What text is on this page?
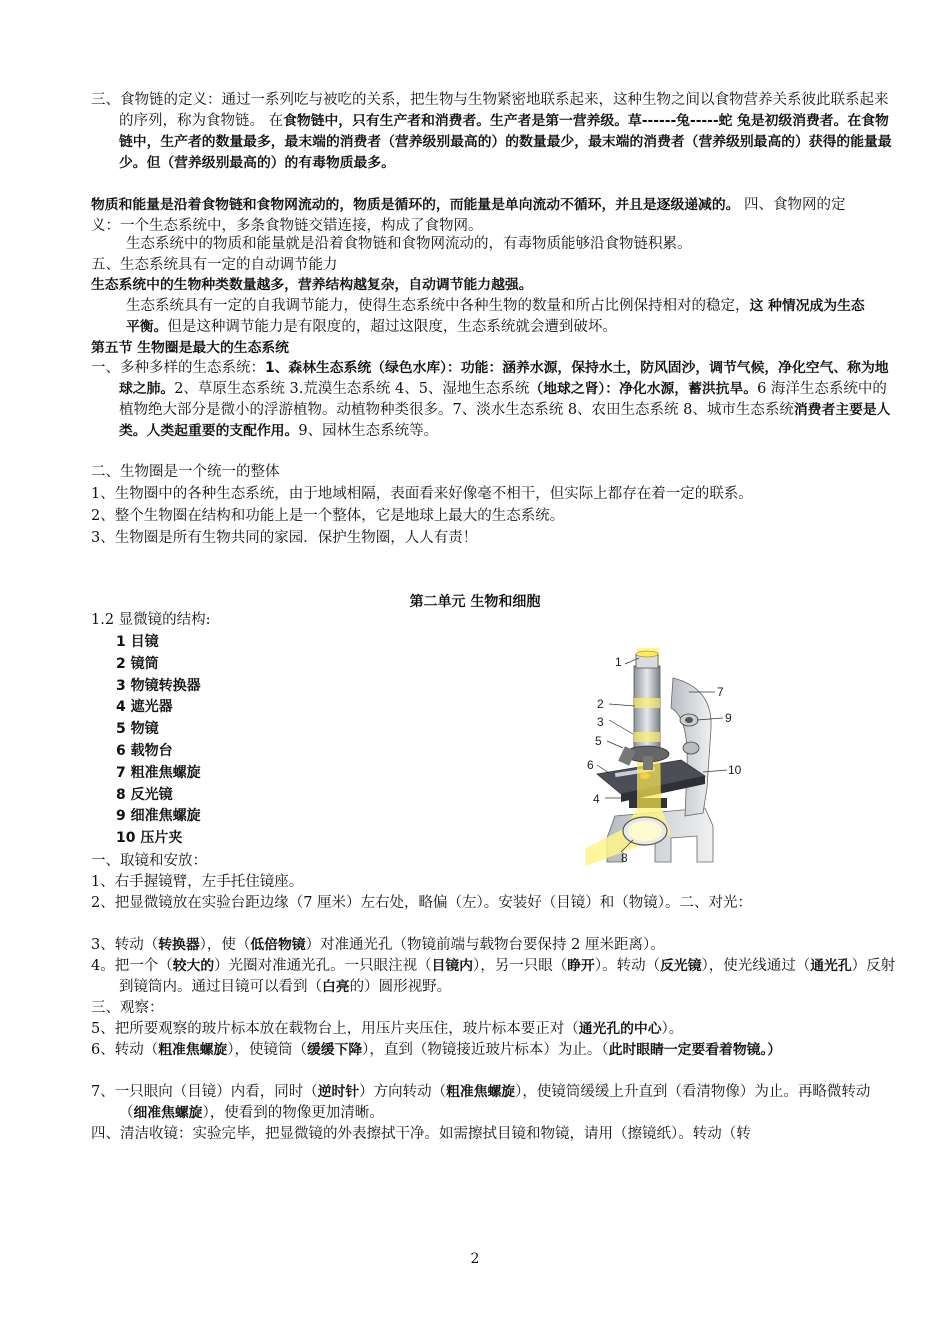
三、食物链的定义：通过一系列吃与被吃的关系，把生物与生物紧密地联系起来，这种生物之间以食物营养关系彼此联系起来的序列，称为食物链。 在食物链中，只有生产者和消费者。生产者是第一营养级。草------兔-----蛇 兔是初级消费者。在食物链中，生产者的数量最多，最末端的消费者（营养级别最高的）的数量最少，最末端的消费者（营养级别最高的）获得的能量最少。但（营养级别最高的）的有毒物质最多。
物质和能量是沿着食物链和食物网流动的，物质是循环的，而能量是单向流动不循环，并且是逐级递减的。 四、食物网的定义：一个生态系统中，多条食物链交错连接，构成了食物网。
生态系统中的物质和能量就是沿着食物链和食物网流动的，有毒物质能够沿食物链积累。
五、生态系统具有一定的自动调节能力
生态系统中的生物种类数量越多，营养结构越复杂，自动调节能力越强。
生态系统具有一定的自我调节能力，使得生态系统中各种生物的数量和所占比例保持相对的稳定，这 种情况成为生态平衡。但是这种调节能力是有限度的，超过这限度，生态系统就会遭到破坏。
第五节 生物圈是最大的生态系统
一、多种多样的生态系统：1、森林生态系统（绿色水库）：功能：涵养水源，保持水土，防风固沙，调节气候，净化空气、称为地球之肺。2、草原生态系统 3.荒漠生态系统 4、5、湿地生态系统（地球之肾）：净化水源，蓄洪抗旱。6 海洋生态系统中的植物绝大部分是微小的浮游植物。动植物种类很多。7、淡水生态系统 8、农田生态系统 8、城市生态系统消费者主要是人类。人类起重要的支配作用。9、园林生态系统等。
二、生物圈是一个统一的整体
1、生物圈中的各种生态系统，由于地域相隔，表面看来好像毫不相干，但实际上都存在着一定的联系。
2、整个生物圈在结构和功能上是一个整体，它是地球上最大的生态系统。
3、生物圈是所有生物共同的家园．保护生物圈，人人有责！
第二单元 生物和细胞
1.2 显微镜的结构:
1 目镜
2 镜筒
3 物镜转换器
4 遮光器
5 物镜
6 载物台
7 粗准焦螺旋
8 反光镜
9 细准焦螺旋
10 压片夹
1
2
3
5
6
4
8
7
9
10
一、取镜和安放：
1、右手握镜臂，左手托住镜座。
2、把显微镜放在实验台距边缘（7 厘米）左右处，略偏（左）。安装好（目镜）和（物镜）。二、对光：
3、转动（转换器），使（低倍物镜）对准通光孔（物镜前端与载物台要保持 2 厘米距离）。
4。把一个（较大的）光圈对准通光孔。一只眼注视（目镜内），另一只眼（睁开）。转动（反光镜），使光线通过（通光孔）反射到镜筒内。通过目镜可以看到（白亮的）圆形视野。
三、观察：
5、把所要观察的玻片标本放在载物台上，用压片夹压住，玻片标本要正对（通光孔的中心）。
6、转动（粗准焦螺旋），使镜筒（缓缓下降），直到（物镜接近玻片标本）为止。（此时眼睛一定要看着物镜。）
7、一只眼向（目镜）内看，同时（逆时针）方向转动（粗准焦螺旋），使镜筒缓缓上升直到（看清物像）为止。再略微转动（细准焦螺旋），使看到的物像更加清晰。
四、清洁收镜：实验完毕，把显微镜的外表擦拭干净。如需擦拭目镜和物镜，请用（擦镜纸）。转动（转
2
